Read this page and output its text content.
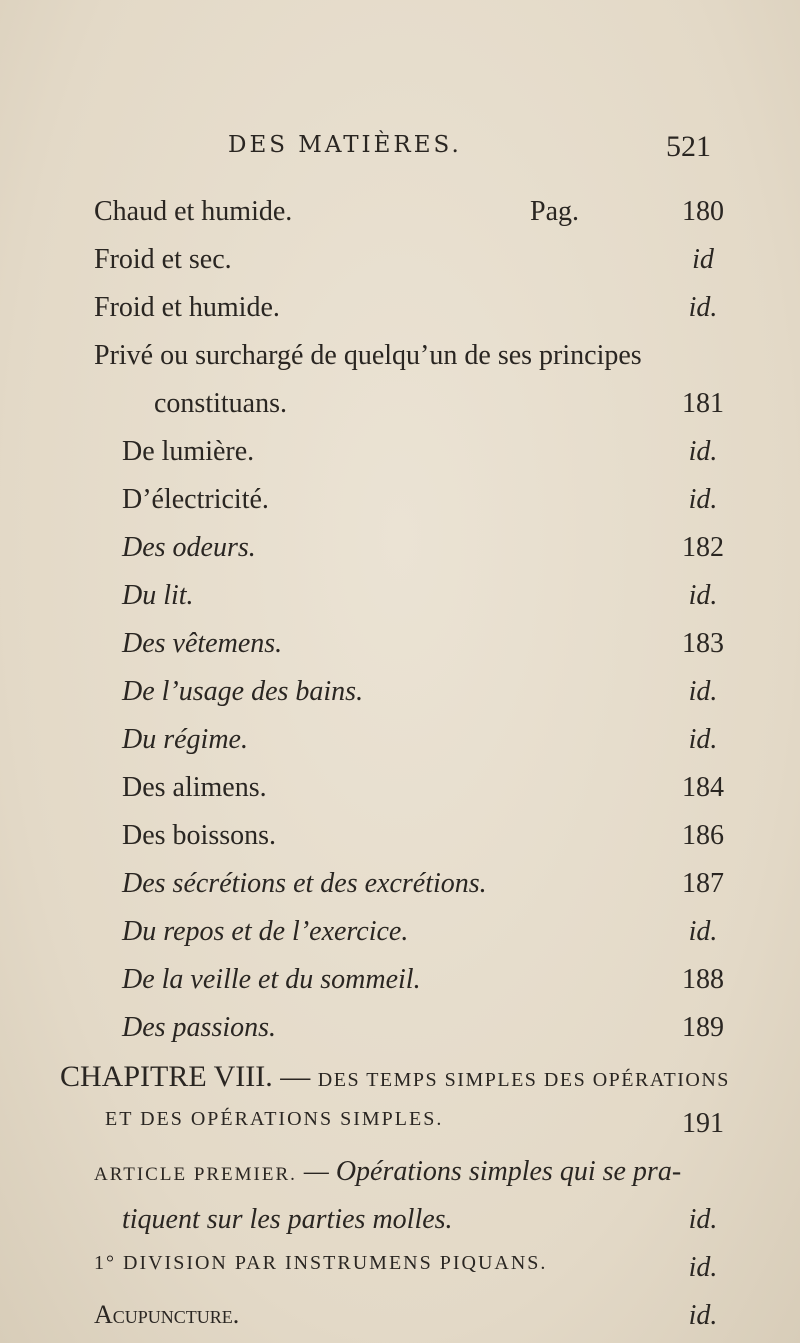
DES MATIÈRES.	521
Chaud et humide.	Pag.	180
Froid et sec.	id
Froid et humide.	id.
Privé ou surchargé de quelqu’un de ses principes
constituans.	181
De lumière.	id.
D’électricité.	id.
Des odeurs.	182
Du lit.	id.
Des vêtemens.	183
De l’usage des bains.	id.
Du régime.	id.
Des alimens.	184
Des boissons.	186
Des sécrétions et des excrétions.	187
Du repos et de l’exercice.	id.
De la veille et du sommeil.	188
Des passions.	189
CHAPITRE VIII. — DES TEMPS SIMPLES DES OPÉRATIONS
ET DES OPÉRATIONS SIMPLES.	191
ARTICLE PREMIER. — Opérations simples qui se pra-
tiquent sur les parties molles.	id.
1° DIVISION PAR INSTRUMENS PIQUANS.	id.
Acupuncture.	id.
